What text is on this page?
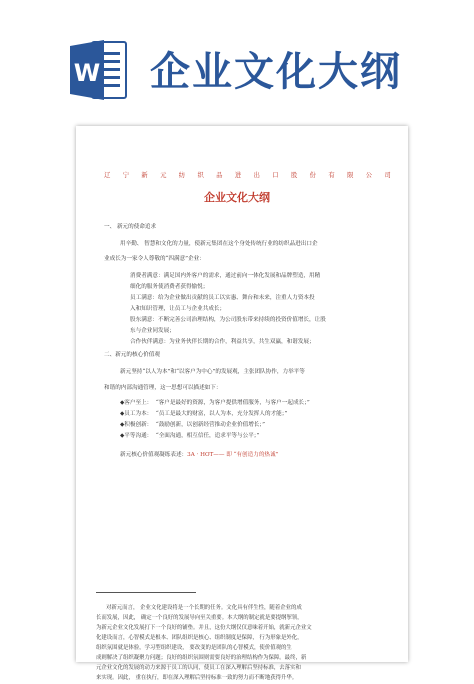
W 企业文化大纲
辽 宁 新 元 纺 织 品 进 出 口 股 份 有 限 公 司
企业文化大纲
一、 新元的使命追求
用辛勤、 智慧和文化的力量，使新元集团在这个身处传统行业的纺织品进出口企
业成长为一家令人尊敬的“四满意”企业：
消费者满意：满足国内外客户的需求，通过前向一体化发展和品牌塑造，用精
细化的服务使消费者获得愉悦；
员工满意：给为企业做出贡献的员工以实惠、舞台和未来，注重人力资本投
入和知识管理，让员工与企业共成长；
股东满意：不断完善公司治理结构，为公司股东带来持续的投资价值增长，让股
东与企业同发展；
合作伙伴满意：为业务伙伴长期的合作，利益共享，共生双赢，和谐发展；
二、新元的核心价值观
新元坚持“以人为本”和“以客户为中心”的发展观，主张团队协作，力举平等
和谐的内部沟通管理，这一思想可以描述如下：
◆客户至上： “客户是最好的资源，为客户提供增值服务，与客户一起成长；”
◆员工为本： “员工是最大的财富，以人为本，充分发挥人的才能；”
◆积极创新： “鼓励创新，以创新经营推动企业价值增长；”
◆平等沟通： “全面沟通，相互信任，追求平等与公平；”
新元核心价值观凝练表述：3A · HOT—— 即 “有创造力的热诚”
对新元而言， 企业文化建设将是一个长期的任务。文化具有伴生性，随着企业的成
长而发展，因此， 确定一个良好的发展导向至关重要。本大纲的制定就是要提纲挈领，
为新元企业文化发展打下一个良好的铺垫。并且，这份大纲仅仅意味着开始，就新元企业文
化建设而言，心智模式是根本、团队组织是核心、组织制度是保障， 行为形象是外化，
组织氛围就是体验，学习型组织建设， 要改变的是团队的心智模式，使价值观的生
成则解决了组织凝聚力问题；良好的组织氛围则需要良好的治理结构作为保障。最终，新
元企业文化的发展的动力来源于员工的认同，使员工在深入理解后坚持标准，去落实和
来实现。因此， 重在执行，即在深入理解后坚持标准一致的努力而不断地获得升华。
